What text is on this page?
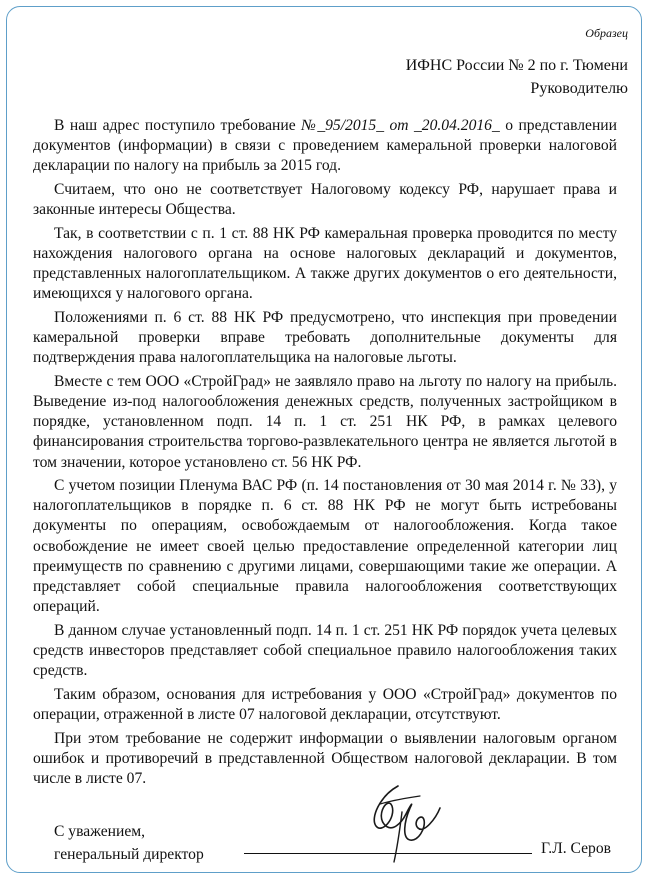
Образец
ИФНС России № 2 по г. Тюмени
Руководителю

В наш адрес поступило требование №_95/2015_ от _20.04.2016_ о представлении документов (информации) в связи с проведением камеральной проверки налоговой декларации по налогу на прибыль за 2015 год.

Считаем, что оно не соответствует Налоговому кодексу РФ, нарушает права и законные интересы Общества.

Так, в соответствии с п. 1 ст. 88 НК РФ камеральная проверка проводится по месту нахождения налогового органа на основе налоговых деклараций и документов, представленных налогоплательщиком. А также других документов о его деятельности, имеющихся у налогового органа.

Положениями п. 6 ст. 88 НК РФ предусмотрено, что инспекция при проведении камеральной проверки вправе требовать дополнительные документы для подтверждения права налогоплательщика на налоговые льготы.

Вместе с тем ООО «СтройГрад» не заявляло право на льготу по налогу на прибыль. Выведение из-под налогообложения денежных средств, полученных застройщиком в порядке, установленном подп. 14 п. 1 ст. 251 НК РФ, в рамках целевого финансирования строительства торгово-развлекательного центра не является льготой в том значении, которое установлено ст. 56 НК РФ.

С учетом позиции Пленума ВАС РФ (п. 14 постановления от 30 мая 2014 г. № 33), у налогоплательщиков в порядке п. 6 ст. 88 НК РФ не могут быть истребованы документы по операциям, освобождаемым от налогообложения. Когда такое освобождение не имеет своей целью предоставление определенной категории лиц преимуществ по сравнению с другими лицами, совершающими такие же операции. А представляет собой специальные правила налогообложения соответствующих операций.

В данном случае установленный подп. 14 п. 1 ст. 251 НК РФ порядок учета целевых средств инвесторов представляет собой специальное правило налогообложения таких средств.

Таким образом, основания для истребования у ООО «СтройГрад» документов по операции, отраженной в листе 07 налоговой декларации, отсутствуют.

При этом требование не содержит информации о выявлении налоговым органом ошибок и противоречий в представленной Обществом налоговой декларации. В том числе в листе 07.

С уважением,
генеральный директор	Г.Л. Серов
